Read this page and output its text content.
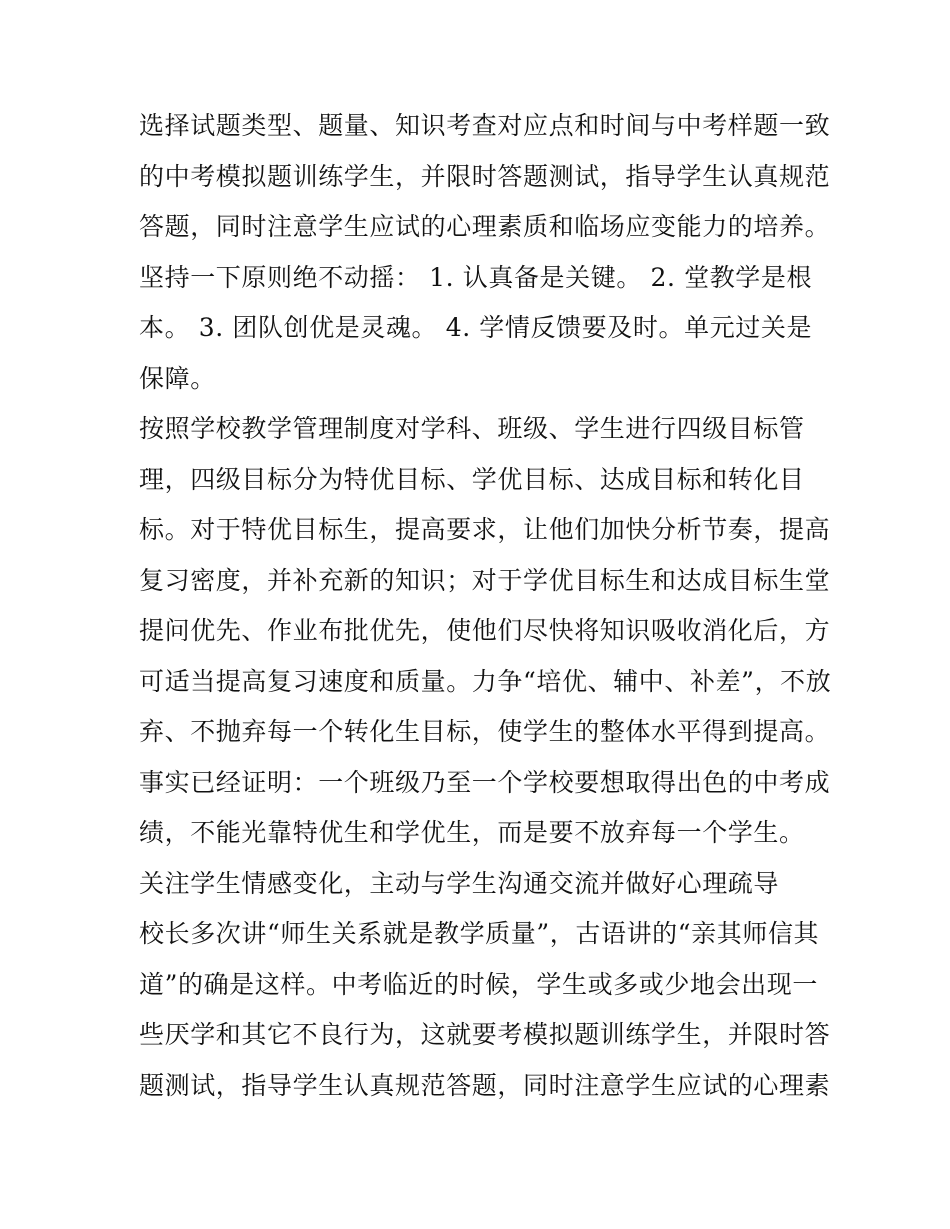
选择试题类型、题量、知识考查对应点和时间与中考样题一致
的中考模拟题训练学生，并限时答题测试，指导学生认真规范
答题，同时注意学生应试的心理素质和临场应变能力的培养。
坚持一下原则绝不动摇： 1. 认真备是关键。 2. 堂教学是根
本。 3. 团队创优是灵魂。 4. 学情反馈要及时。单元过关是
保障。
按照学校教学管理制度对学科、班级、学生进行四级目标管
理，四级目标分为特优目标、学优目标、达成目标和转化目
标。对于特优目标生，提高要求，让他们加快分析节奏，提高
复习密度，并补充新的知识；对于学优目标生和达成目标生堂
提问优先、作业布批优先，使他们尽快将知识吸收消化后，方
可适当提高复习速度和质量。力争“培优、辅中、补差”，不放
弃、不抛弃每一个转化生目标，使学生的整体水平得到提高。
事实已经证明：一个班级乃至一个学校要想取得出色的中考成
绩，不能光靠特优生和学优生，而是要不放弃每一个学生。
关注学生情感变化，主动与学生沟通交流并做好心理疏导
校长多次讲“师生关系就是教学质量”，古语讲的“亲其师信其
道”的确是这样。中考临近的时候，学生或多或少地会出现一
些厌学和其它不良行为，这就要考模拟题训练学生，并限时答
题测试，指导学生认真规范答题，同时注意学生应试的心理素
